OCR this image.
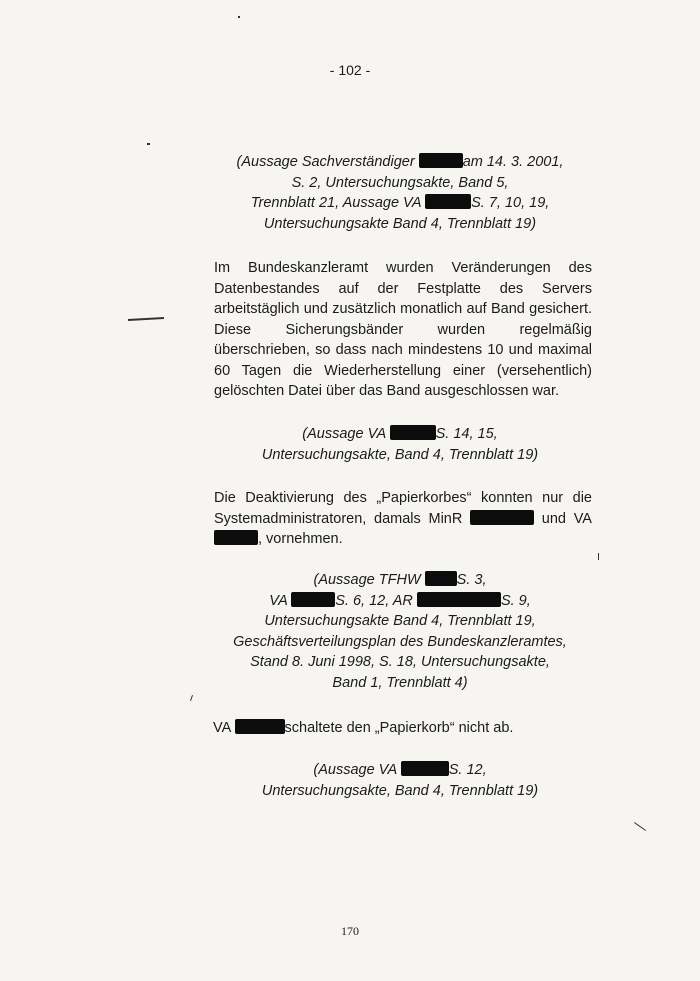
- 102 -
(Aussage Sachverständiger	am 14. 3. 2001,
S. 2, Untersuchungsakte, Band 5,
Trennblatt 21, Aussage VA	S. 7, 10, 19,
Untersuchungsakte Band 4, Trennblatt 19)
Im Bundeskanzleramt wurden Veränderungen des Datenbestandes auf der Festplatte des Servers arbeitstäglich und zusätzlich monatlich auf Band gesichert. Diese Sicherungsbänder wurden regelmäßig überschrieben, so dass nach mindestens 10 und maximal 60 Tagen die Wiederherstellung einer (versehentlich) gelöschten Datei über das Band ausgeschlossen war.
(Aussage VA	S. 14, 15,
Untersuchungsakte, Band 4, Trennblatt 19)
Die Deaktivierung des „Papierkorbes“ konnten nur die Systemadministratoren, damals MinR	und VA , vornehmen.
(Aussage TFHW S. 3,
VA	S. 6, 12, AR	S. 9,
Untersuchungsakte Band 4, Trennblatt 19,
Geschäftsverteilungsplan des Bundeskanzleramtes,
Stand 8. Juni 1998, S. 18, Untersuchungsakte,
Band 1, Trennblatt 4)
VA	schaltete den „Papierkorb“ nicht ab.
(Aussage VA	S. 12,
Untersuchungsakte, Band 4, Trennblatt 19)
170
